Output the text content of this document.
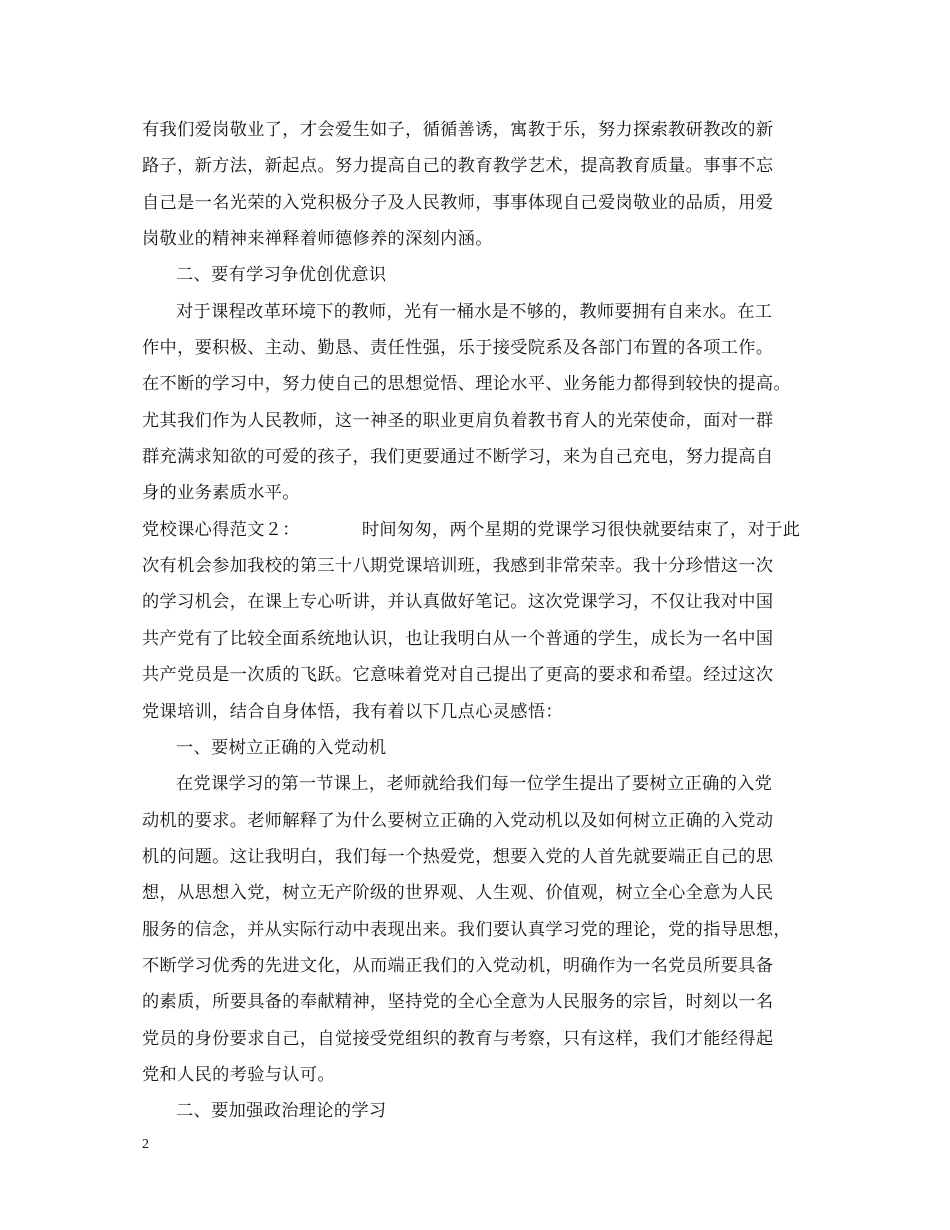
有我们爱岗敬业了，才会爱生如子，循循善诱，寓教于乐，努力探索教研教改的新
路子，新方法，新起点。努力提高自己的教育教学艺术，提高教育质量。事事不忘
自己是一名光荣的入党积极分子及人民教师，事事体现自己爱岗敬业的品质，用爱
岗敬业的精神来禅释着师德修养的深刻内涵。
二、要有学习争优创优意识
对于课程改革环境下的教师，光有一桶水是不够的，教师要拥有自来水。在工
作中，要积极、主动、勤恳、责任性强，乐于接受院系及各部门布置的各项工作。
在不断的学习中，努力使自己的思想觉悟、理论水平、业务能力都得到较快的提高。
尤其我们作为人民教师，这一神圣的职业更肩负着教书育人的光荣使命，面对一群
群充满求知欲的可爱的孩子，我们更要通过不断学习，来为自己充电，努力提高自
身的业务素质水平。
党校课心得范文２：	时间匆匆，两个星期的党课学习很快就要结束了，对于此
次有机会参加我校的第三十八期党课培训班，我感到非常荣幸。我十分珍惜这一次
的学习机会，在课上专心听讲，并认真做好笔记。这次党课学习，不仅让我对中国
共产党有了比较全面系统地认识，也让我明白从一个普通的学生，成长为一名中国
共产党员是一次质的飞跃。它意味着党对自己提出了更高的要求和希望。经过这次
党课培训，结合自身体悟，我有着以下几点心灵感悟：
一、要树立正确的入党动机
在党课学习的第一节课上，老师就给我们每一位学生提出了要树立正确的入党
动机的要求。老师解释了为什么要树立正确的入党动机以及如何树立正确的入党动
机的问题。这让我明白，我们每一个热爱党，想要入党的人首先就要端正自己的思
想，从思想入党，树立无产阶级的世界观、人生观、价值观，树立全心全意为人民
服务的信念，并从实际行动中表现出来。我们要认真学习党的理论，党的指导思想，
不断学习优秀的先进文化，从而端正我们的入党动机，明确作为一名党员所要具备
的素质，所要具备的奉献精神，坚持党的全心全意为人民服务的宗旨，时刻以一名
党员的身份要求自己，自觉接受党组织的教育与考察，只有这样，我们才能经得起
党和人民的考验与认可。
二、要加强政治理论的学习
2
